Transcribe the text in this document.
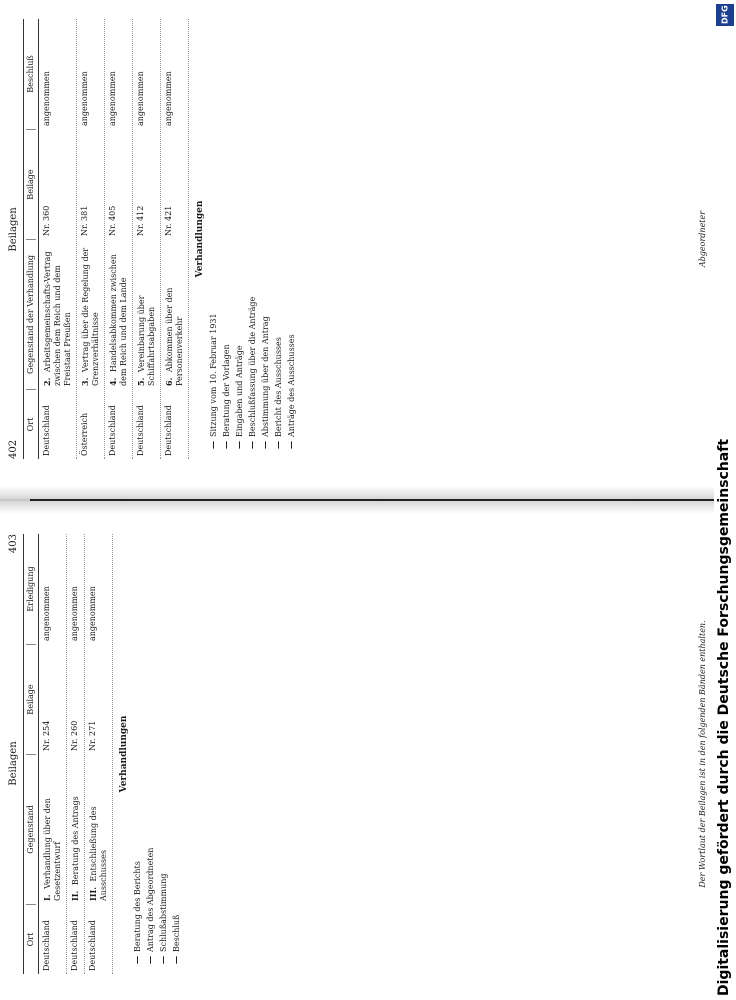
402
Beilagen
Ort
Gegenstand der Verhandlung
Beilage
Beschluß
Deutschland
2. Arbeitsgemeinschafts-Vertrag zwischen dem Reich und dem Freistaat Preußen
Nr. 360
angenommen
Österreich
3. Vertrag über die Regelung der Grenzverhältnisse
Nr. 381
angenommen
Deutschland
4. Handelsabkommen zwischen dem Reich und dem Lande
Nr. 405
angenommen
Deutschland
5. Vereinbarung über Schiffahrtsabgaben
Nr. 412
angenommen
Deutschland
6. Abkommen über den Personenverkehr
Nr. 421
angenommen
Verhandlungen
—Sitzung vom 10. Februar 1931
—Beratung der Vorlagen
—Eingaben und Anträge
—Beschlußfassung über die Anträge
—Abstimmung über den Antrag
—Bericht des Ausschusses
—Anträge des Ausschusses
Abgeordneter
Beilagen
403
Ort
Gegenstand
Beilage
Erledigung
Deutschland
I. Verhandlung über den Gesetzentwurf
Nr. 254
angenommen
Deutschland
II. Beratung des Antrags
Nr. 260
angenommen
Deutschland
III. Entschließung des Ausschusses
Nr. 271
angenommen
Verhandlungen
—Beratung des Berichts
—Antrag des Abgeordneten
—Schlußabstimmung
—Beschluß
Der Wortlaut der Beilagen ist in den folgenden Bänden enthalten.
DFG
Digitalisierung gefördert durch die Deutsche Forschungsgemeinschaft
